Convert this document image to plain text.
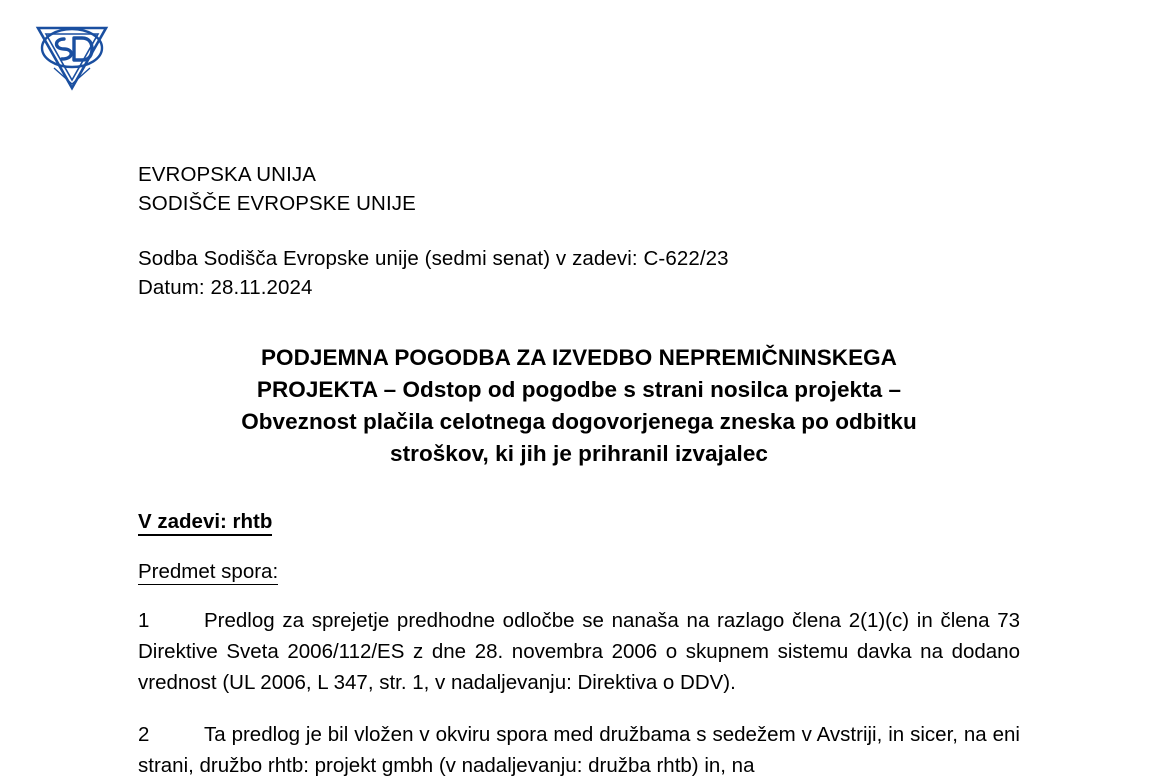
EVROPSKA UNIJA
SODIŠČE EVROPSKE UNIJE
Sodba Sodišča Evropske unije (sedmi senat) v zadevi: C-622/23
Datum: 28.11.2024
PODJEMNA POGODBA ZA IZVEDBO NEPREMIČNINSKEGA
PROJEKTA – Odstop od pogodbe s strani nosilca projekta –
Obveznost plačila celotnega dogovorjenega zneska po odbitku
stroškov, ki jih je prihranil izvajalec
V zadevi: rhtb
Predmet spora:
1	Predlog za sprejetje predhodne odločbe se nanaša na razlago člena 2(1)(c) in člena 73 Direktive Sveta 2006/112/ES z dne 28. novembra 2006 o skupnem sistemu davka na dodano vrednost (UL 2006, L 347, str. 1, v nadaljevanju: Direktiva o DDV).
2	Ta predlog je bil vložen v okviru spora med družbama s sedežem v Avstriji, in sicer, na eni strani, družbo rhtb: projekt gmbh (v nadaljevanju: družba rhtb) in, na
